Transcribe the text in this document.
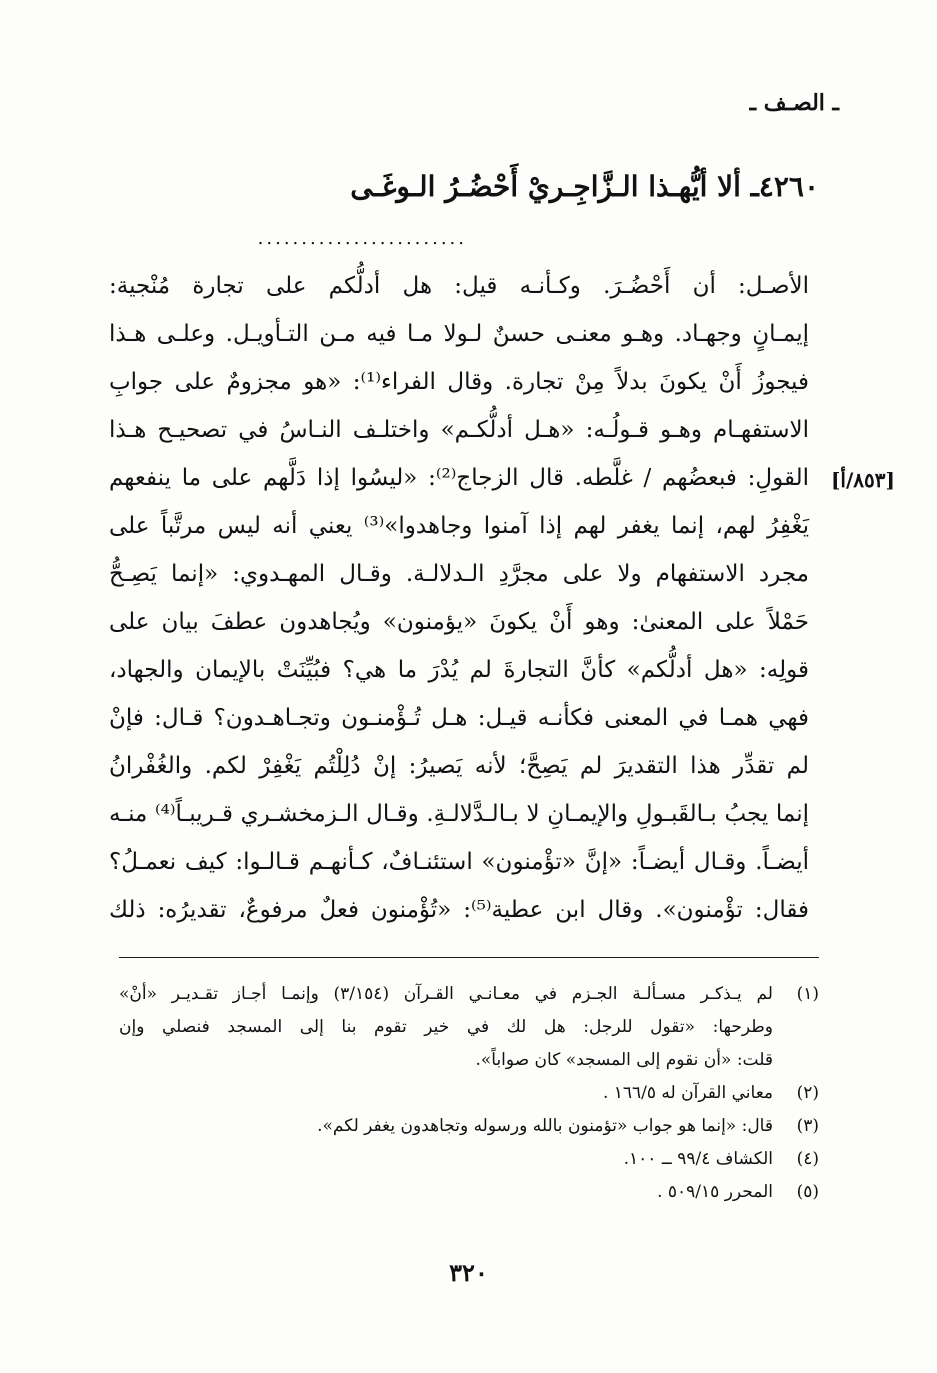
ـ الصـف ـ
٤٢٦٠ـ ألا أيُّهـذا الـزَّاجِـريْ أَحْضُـرُ الـوغَـى
........................
[٨٥٣/أ]
الأصـل: أن أَحْضُـرَ. وكـأنـه قيل: هل أدلُّكم على تجارة مُنْجية:
إيمـانٍ وجهـاد. وهـو معنـى حسنٌ لـولا مـا فيه مـن التـأويـل. وعلـى هـذا
فيجوزُ أَنْ يكونَ بدلاً مِنْ تجارة. وقال الفراء⁽¹⁾: «هو مجزومٌ على جوابِ
الاستفهـام وهـو قـولُـه: «هـل أدلُّكـم» واختلـف النـاسُ في تصحيـح هـذا
القولِ: فبعضُهم / غلَّطه. قال الزجاج⁽²⁾: «ليسُوا إذا دَلَّهم على ما ينفعهم
يَغْفِرُ لهم، إنما يغفر لهم إذا آمنوا وجاهدوا»⁽³⁾ يعني أنه ليس مرتَّباً على
مجرد الاستفهام ولا على مجرَّدِ الـدلالـة. وقـال المهـدوي: «إنما يَصِـحُّ
حَمْلاً على المعنىٰ: وهو أَنْ يكونَ «يؤمنون» ويُجاهدون عطفَ بيان على
قولِه: «هل أدلُّكم» كأنَّ التجارةَ لم يُدْرَ ما هي؟ فبُيِّنَتْ بالإيمان والجهاد،
فهي همـا في المعنى فكأنـه قيـل: هـل تُـؤْمنـون وتجـاهـدون؟ قـال: فإنْ
لم تقدِّر هذا التقديرَ لم يَصِحَّ؛ لأنه يَصيرُ: إنْ دُلِلْتُم يَغْفِرْ لكم. والغُفْرانُ
إنما يجبُ بـالقَبـولِ والإيمـانِ لا بـالـدَّلالـةِ. وقـال الـزمخشـري قـريبـاً⁽⁴⁾ منـه
أيضـاً. وقـال أيضـاً: «إنَّ «تؤْمنون» استئنـافٌ، كـأنهـم قـالـوا: كيف نعمـلُ؟
فقال: تؤْمنون». وقال ابن عطية⁽⁵⁾: «تُؤْمنون فعلٌ مرفوعٌ، تقديرُه: ذلك
(١)
لم يـذكـر مسـألـة الجـزم في معـانـي القـرآن (٣/١٥٤) وإنمـا أجـاز تقـديـر «أنْ»
وطرحها: «تقول للرجل: هل لك في خير تقوم بنا إلى المسجد فنصلي وإن
قلت: «أن نقوم إلى المسجد» كان صواباً».
(٢)
معاني القرآن له ١٦٦/٥ .
(٣)
قال: «إنما هو جواب «تؤمنون بالله ورسوله وتجاهدون يغفر لكم».
(٤)
الكشاف ٩٩/٤ ــ ١٠٠.
(٥)
المحرر ٥٠٩/١٥ .
٣٢٠
